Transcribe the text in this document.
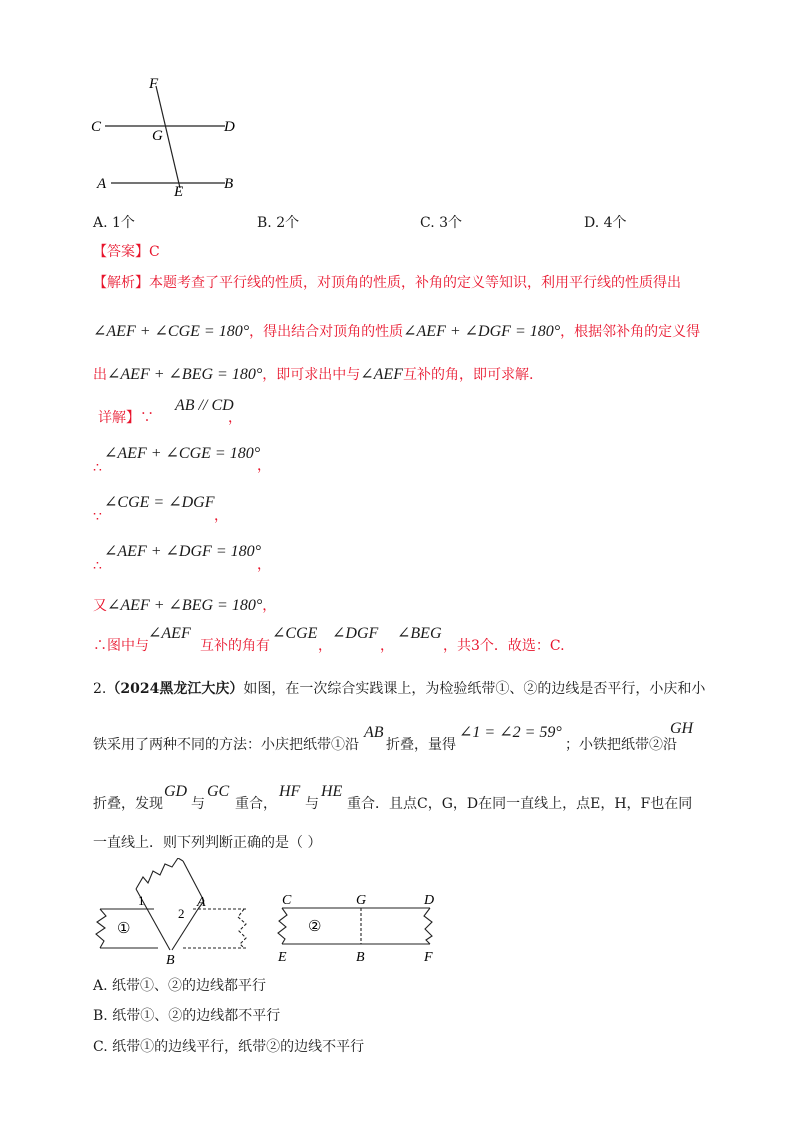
F
C
G
D
A	E	B
A. 1个	B. 2个	C. 3个	D. 4个
【答案】C
【解析】本题考查了平行线的性质，对顶角的性质，补角的定义等知识，利用平行线的性质得出
∠AEF + ∠CGE = 180°，得出结合对顶角的性质∠AEF + ∠DGF = 180°，根据邻补角的定义得
出∠AEF + ∠BEG = 180°，即可求出中与∠AEF互补的角，即可求解.
详解】∵
AB // CD
，
∴
∠AEF + ∠CGE = 180°
，
∵
∠CGE = ∠DGF
，
∴
∠AEF + ∠DGF = 180°
，
又∠AEF + ∠BEG = 180°，
∴图中与
∠AEF
互补的角有
∠CGE
，
∠DGF
，
∠BEG
，共3个．故选：C.
2.（2024黑龙江大庆）如图，在一次综合实践课上，为检验纸带①、②的边线是否平行，小庆和小
铁采用了两种不同的方法：小庆把纸带①沿
AB
折叠，量得
∠1 = ∠2 = 59°
；小铁把纸带②沿
GH
折叠，发现
GD
与
GC
重合，
HF
与
HE
重合．且点C，G，D在同一直线上，点E，H，F也在同
一直线上．则下列判断正确的是（ ）
1
2
A
B
①
C	G	D
E	B	F
②
A. 纸带①、②的边线都平行
B. 纸带①、②的边线都不平行
C. 纸带①的边线平行，纸带②的边线不平行
